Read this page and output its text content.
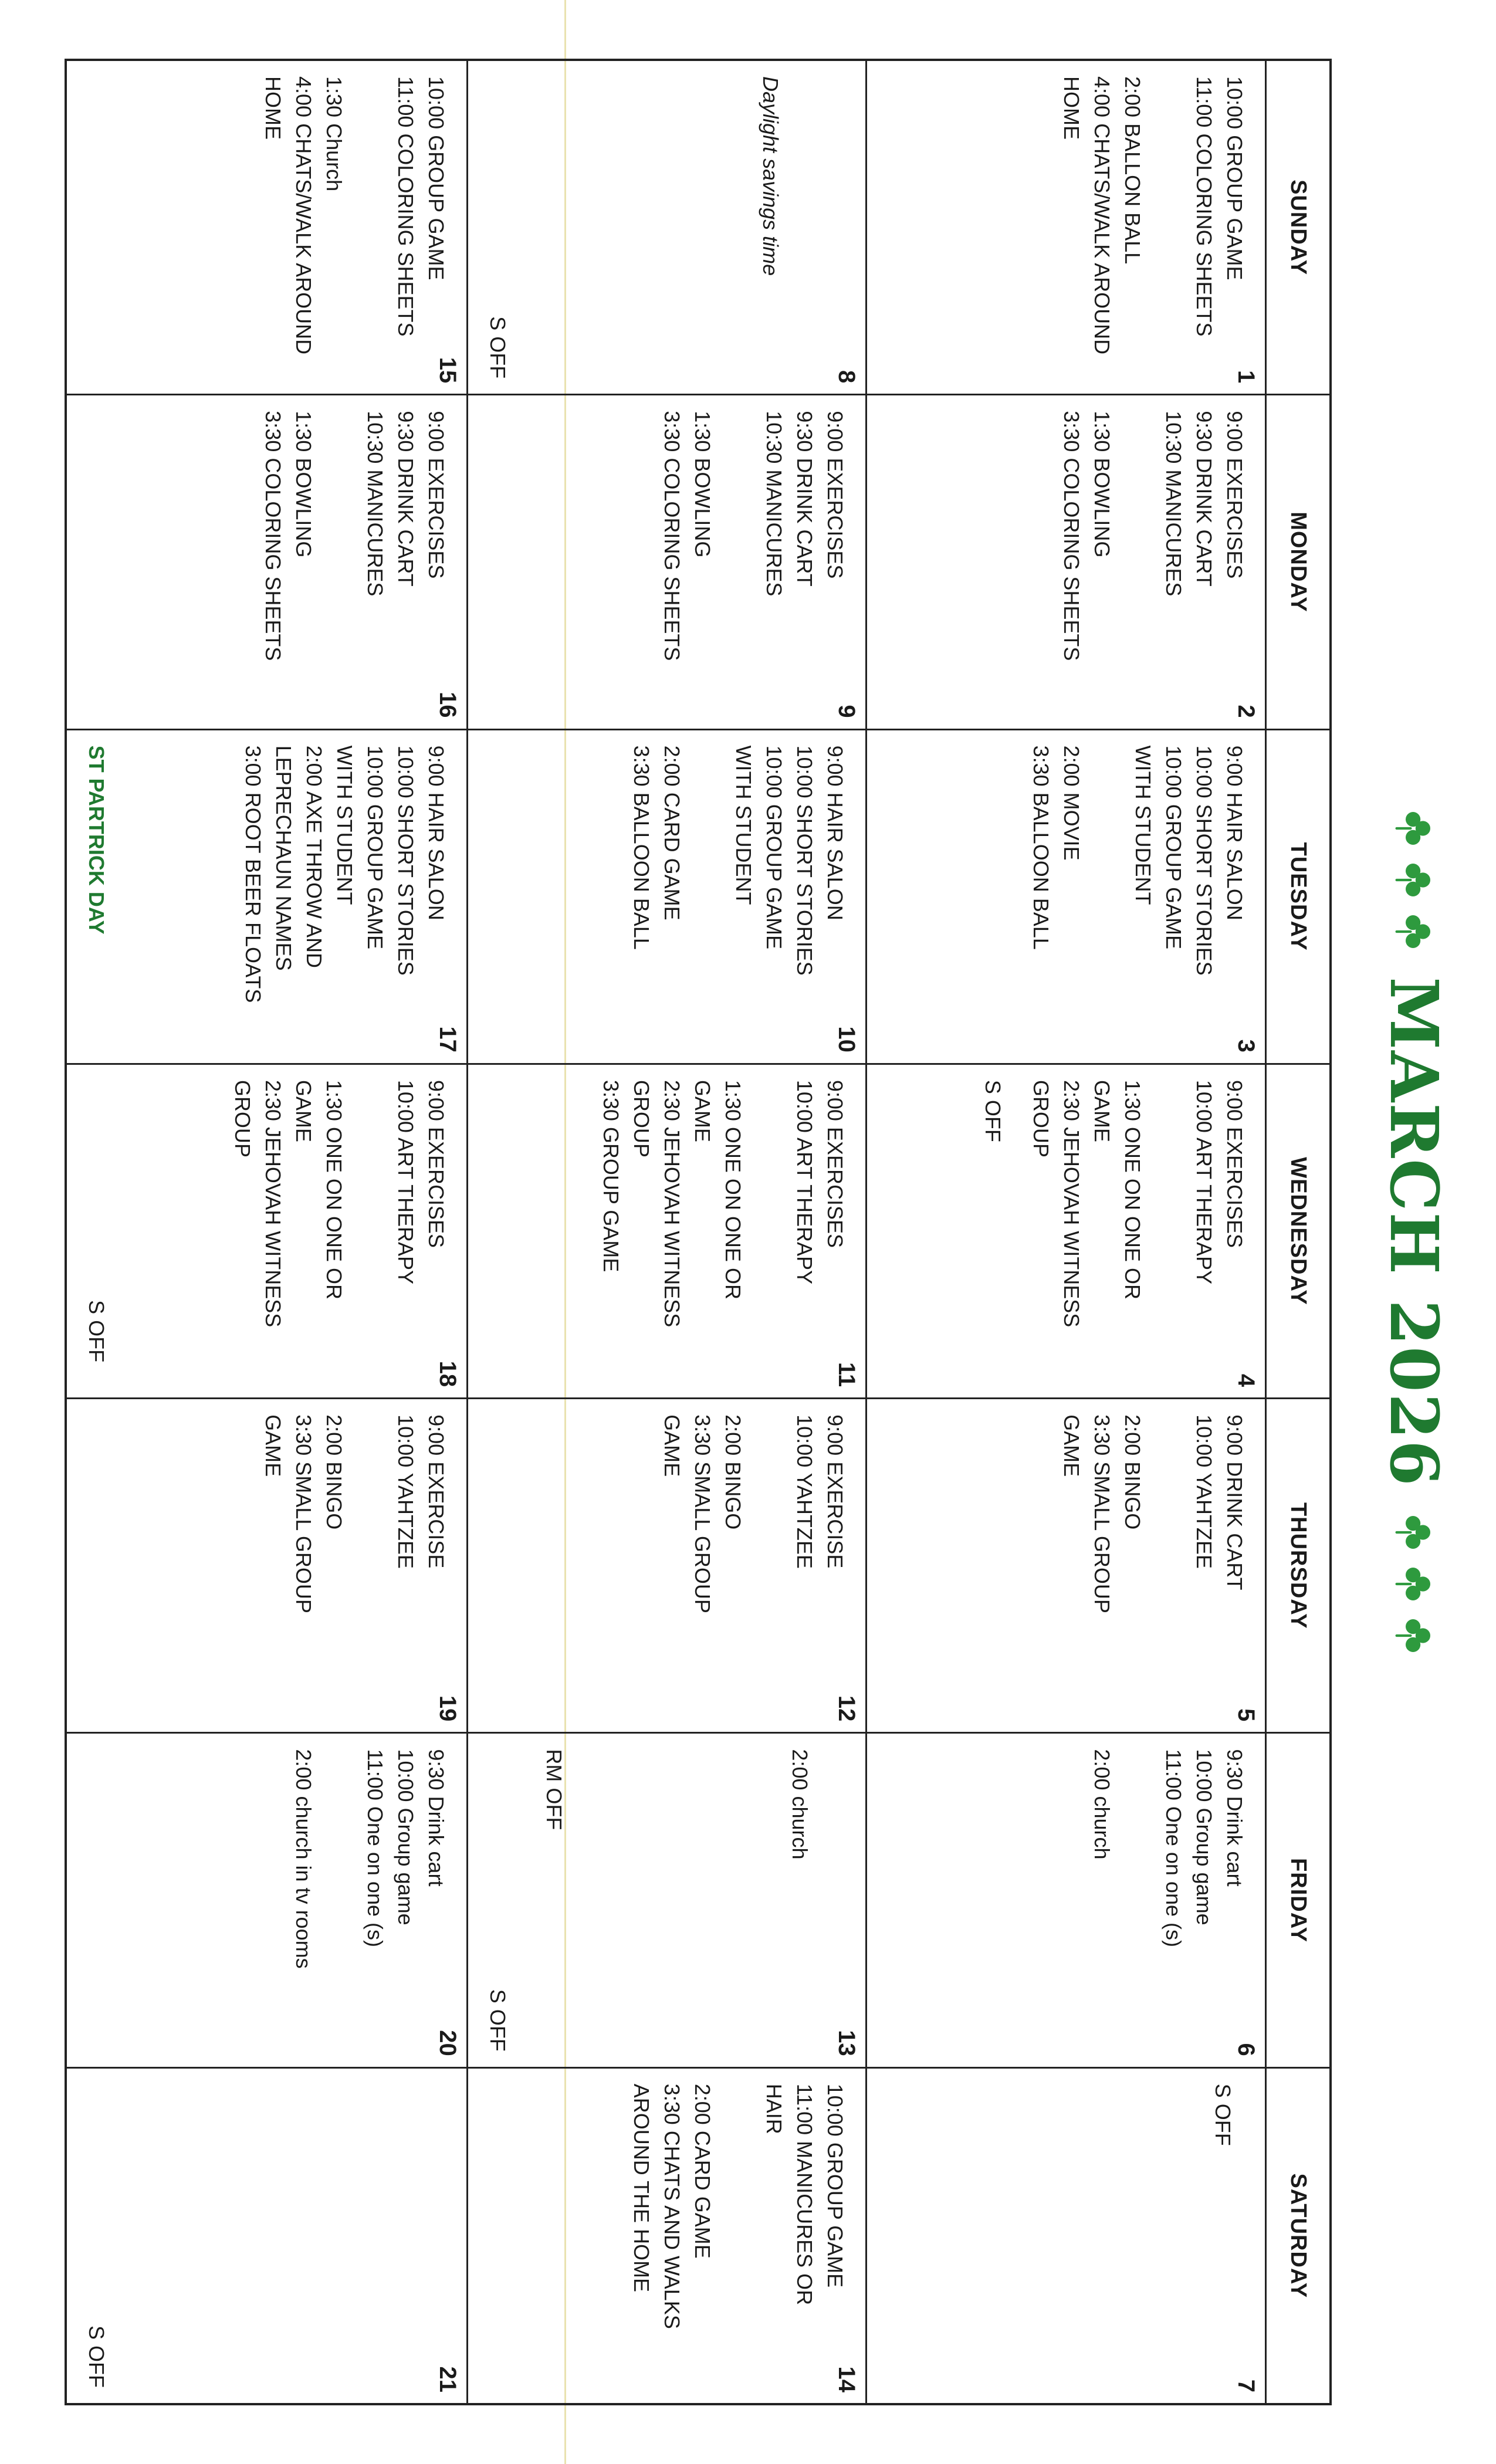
MARCH 2026
SUNDAY
MONDAY
TUESDAY
WEDNESDAY
THURSDAY
FRIDAY
SATURDAY
1
10:00 GROUP GAME
11:00 COLORING SHEETS
2:00 BALLON BALL
4:00 CHATS/WALK AROUND
HOME
2
9:00 EXERCISES
9:30 DRINK CART
10:30 MANICURES
1:30 BOWLING
3:30 COLORING SHEETS
3
9:00 HAIR SALON
10:00 SHORT STORIES
10:00 GROUP GAME
WITH STUDENT
2:00 MOVIE
3:30 BALLOON BALL
4
9:00 EXERCISES
10:00 ART THERAPY
1:30 ONE ON ONE OR
GAME
2:30 JEHOVAH WITNESS
GROUP
S OFF
5
9:00 DRINK CART
10:00 YAHTZEE
2:00 BINGO
3:30 SMALL GROUP
GAME
6
9:30 Drink cart
10:00 Group game
11:00 One on one (s)
2:00 church
7
S OFF
8
Daylight savings time
S OFF
9
9:00 EXERCISES
9:30 DRINK CART
10:30 MANICURES
1:30 BOWLING
3:30 COLORING SHEETS
10
9:00 HAIR SALON
10:00 SHORT STORIES
10:00 GROUP GAME
WITH STUDENT
2:00 CARD GAME
3:30 BALLOON BALL
11
9:00 EXERCISES
10:00 ART THERAPY
1:30 ONE ON ONE OR
GAME
2:30 JEHOVAH WITNESS
GROUP
3:30 GROUP GAME
12
9:00 EXERCISE
10:00 YAHTZEE
2:00 BINGO
3:30 SMALL GROUP
GAME
13
2:00 church
RM OFF
S OFF
14
10:00 GROUP GAME
11:00 MANICURES OR
HAIR
2:00 CARD GAME
3:30 CHATS AND WALKS
AROUND THE HOME
15
10:00 GROUP GAME
11:00 COLORING SHEETS
1:30 Church
4:00 CHATS/WALK AROUND
HOME
16
9:00 EXERCISES
9:30 DRINK CART
10:30 MANICURES
1:30 BOWLING
3:30 COLORING SHEETS
17
9:00 HAIR SALON
10:00 SHORT STORIES
10:00 GROUP GAME
WITH STUDENT
2:00 AXE THROW AND
LEPRECHAUN NAMES
3:00 ROOT BEER FLOATS
ST PARTRICK DAY
18
9:00 EXERCISES
10:00 ART THERAPY
1:30 ONE ON ONE OR
GAME
2:30 JEHOVAH WITNESS
GROUP
S OFF
19
9:00 EXERCISE
10:00 YAHTZEE
2:00 BINGO
3:30 SMALL GROUP
GAME
20
9:30 Drink cart
10:00 Group game
11:00 One on one (s)
2:00 church in tv rooms
21
S OFF
